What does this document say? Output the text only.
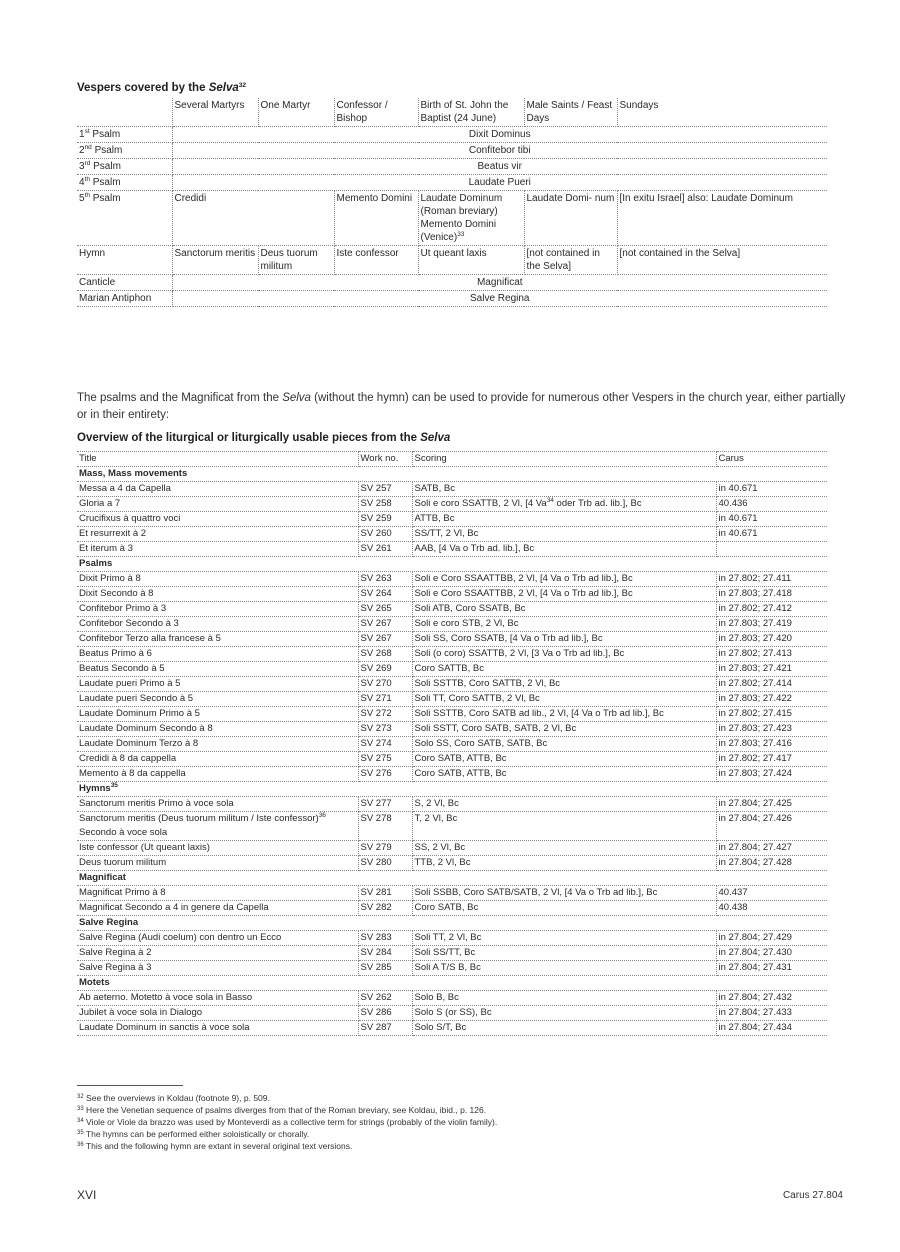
Vespers covered by the Selva$^{32}$
	Several Martyrs	One Martyr	Confessor / Bishop	Birth of St. John the Baptist (24 June)	Male Saints / Feast Days	Sundays
1st Psalm	Dixit Dominus					
2nd Psalm	Confitebor tibi					
3rd Psalm	Beatus vir					
4th Psalm	Laudate Pueri					
5th Psalm	Credidi		Memento Domini	Laudate Dominum (Roman breviary) Memento Domini (Venice)$^{33}$	Laudate Domi- num	[In exitu Israel] also: Laudate Dominum
Hymn	Sanctorum meritis	Deus tuorum militum	Iste confessor	Ut queant laxis	[not contained in the Selva]	[not contained in the Selva]
Canticle	Magnificat					
Marian Antiphon	Salve Regina					

The psalms and the Magnificat from the Selva (without the hymn) can be used to provide for numerous other Vespers in the church year, either partially or in their entirety:

Overview of the liturgical or liturgically usable pieces from the Selva
Title	Work no.	Scoring	Carus
Mass, Mass movements			
Messa a 4 da Capella	SV 257	SATB, Bc	in 40.671
Gloria a 7	SV 258	Soli e coro SSATTB, 2 Vl, [4 Va$^{34}$ oder Trb ad. lib.], Bc	40.436
Crucifixus à quattro voci	SV 259	ATTB, Bc	in 40.671
Et resurrexit à 2	SV 260	SS/TT, 2 Vl, Bc	in 40.671
Et iterum à 3	SV 261	AAB, [4 Va o Trb ad. lib.], Bc	
Psalms			
Dixit Primo à 8	SV 263	Soli e Coro SSAATTBB, 2 Vl, [4 Va o Trb ad lib.], Bc	in 27.802; 27.411
Dixit Secondo à 8	SV 264	Soli e Coro SSAATTBB, 2 Vl, [4 Va o Trb ad lib.], Bc	in 27.803; 27.418
Confitebor Primo à 3	SV 265	Soli ATB, Coro SSATB, Bc	in 27.802; 27.412
Confitebor Secondo à 3	SV 267	Soli e coro STB, 2 Vl, Bc	in 27.803; 27.419
Confitebor Terzo alla francese à 5	SV 267	Soli SS, Coro SSATB, [4 Va o Trb ad lib.], Bc	in 27.803; 27.420
Beatus Primo à 6	SV 268	Soli (o coro) SSATTB, 2 Vl, [3 Va o Trb ad lib.], Bc	in 27.802; 27.413
Beatus Secondo à 5	SV 269	Coro SATTB, Bc	in 27.803; 27.421
Laudate pueri Primo à 5	SV 270	Soli SSTTB, Coro SATTB, 2 Vl, Bc	in 27.802; 27.414
Laudate pueri Secondo à 5	SV 271	Soli TT, Coro SATTB, 2 Vl, Bc	in 27.803; 27.422
Laudate Dominum Primo à 5	SV 272	Soli SSTTB, Coro SATB ad lib., 2 Vl, [4 Va o Trb ad lib.], Bc	in 27.802; 27.415
Laudate Dominum Secondo à 8	SV 273	Soli SSTT, Coro SATB, SATB, 2 Vl, Bc	in 27.803; 27.423
Laudate Dominum Terzo à 8	SV 274	Solo SS, Coro SATB, SATB, Bc	in 27.803; 27.416
Credidi à 8 da cappella	SV 275	Coro SATB, ATTB, Bc	in 27.802; 27.417
Memento à 8 da cappella	SV 276	Coro SATB, ATTB, Bc	in 27.803; 27.424
Hymns$^{35}$
Sanctorum meritis Primo à voce sola	SV 277	S, 2 Vl, Bc	in 27.804; 27.425
Sanctorum meritis (Deus tuorum militum / Iste confessor)$^{36}$ Secondo à voce sola	SV 278	T, 2 Vl, Bc	in 27.804; 27.426
Iste confessor (Ut queant laxis)	SV 279	SS, 2 Vl, Bc	in 27.804; 27.427
Deus tuorum militum	SV 280	TTB, 2 Vl, Bc	in 27.804; 27.428
Magnificat			
Magnificat Primo à 8	SV 281	Soli SSBB, Coro SATB/SATB, 2 Vl, [4 Va o Trb ad lib.], Bc	40.437
Magnificat Secondo a 4 in genere da Capella	SV 282	Coro SATB, Bc	40.438
Salve Regina			
Salve Regina (Audi coelum) con dentro un Ecco	SV 283	Soli TT, 2 Vl, Bc	in 27.804; 27.429
Salve Regina à 2	SV 284	Soli SS/TT, Bc	in 27.804; 27.430
Salve Regina à 3	SV 285	Soli A T/S B, Bc	in 27.804; 27.431
Motets			
Ab aeterno. Motetto à voce sola in Basso	SV 262	Solo B, Bc	in 27.804; 27.432
Jubilet à voce sola in Dialogo	SV 286	Solo S (or SS), Bc	in 27.804; 27.433
Laudate Dominum in sanctis à voce sola	SV 287	Solo S/T, Bc	in 27.804; 27.434
$^{32}$ See the overviews in Koldau (footnote 9), p. 509.
$^{33}$ Here the Venetian sequence of psalms diverges from that of the Roman breviary, see Koldau, ibid., p. 126.
$^{34}$ Viole or Viole da brazzo was used by Monteverdi as a collective term for strings (probably of the violin family).
$^{35}$ The hymns can be performed either soloistically or chorally.
$^{36}$ This and the following hymn are extant in several original text versions.
XVI	Carus 27.804
